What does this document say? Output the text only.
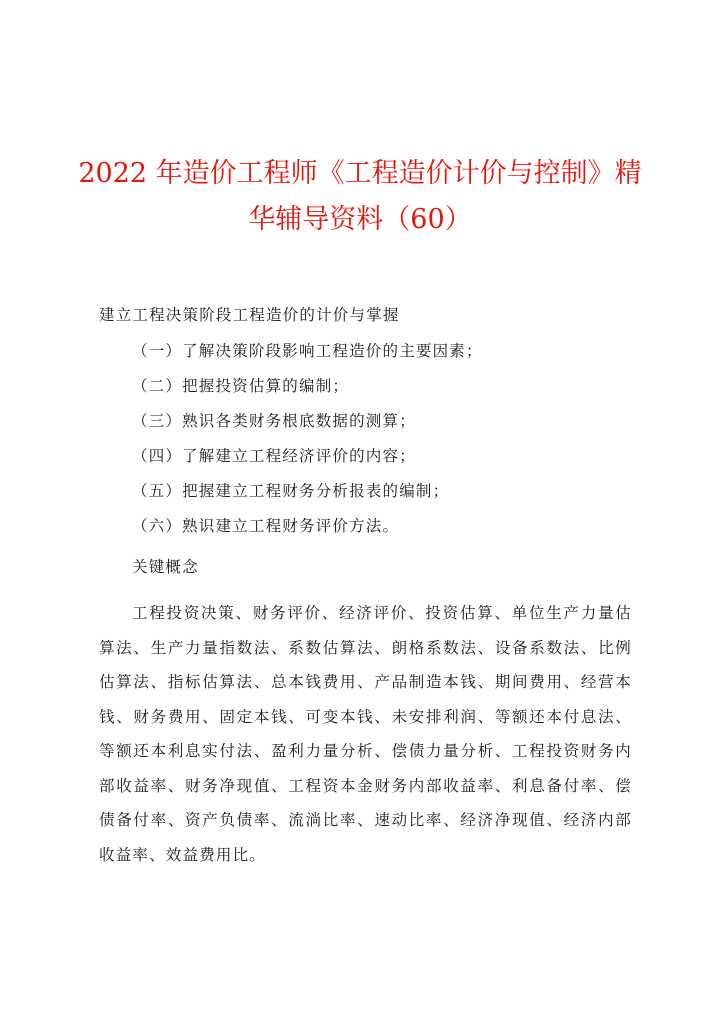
2022 年造价工程师《工程造价计价与控制》精
华辅导资料（60）
建立工程决策阶段工程造价的计价与掌握
（一）了解决策阶段影响工程造价的主要因素；
（二）把握投资估算的编制；
（三）熟识各类财务根底数据的测算；
（四）了解建立工程经济评价的内容；
（五）把握建立工程财务分析报表的编制；
（六）熟识建立工程财务评价方法。
关键概念

工程投资决策、财务评价、经济评价、投资估算、单位生产力量估算法、生产力量指数法、系数估算法、朗格系数法、设备系数法、比例估算法、指标估算法、总本钱费用、产品制造本钱、期间费用、经营本钱、财务费用、固定本钱、可变本钱、未安排利润、等额还本付息法、等额还本利息实付法、盈利力量分析、偿债力量分析、工程投资财务内部收益率、财务净现值、工程资本金财务内部收益率、利息备付率、偿债备付率、资产负债率、流淌比率、速动比率、经济净现值、经济内部收益率、效益费用比。
